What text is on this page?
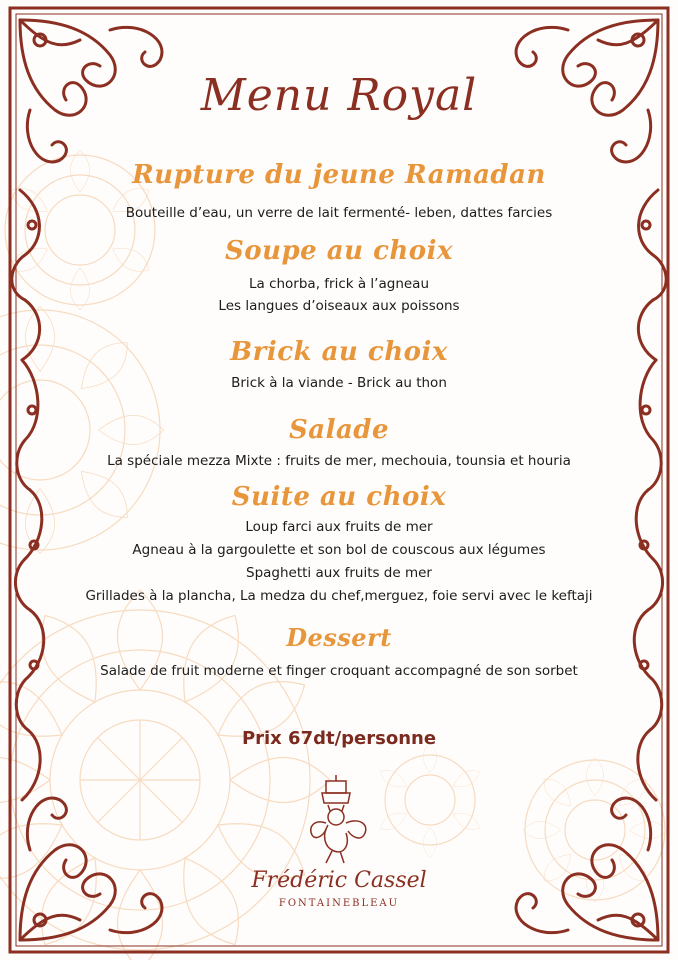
Menu Royal
Rupture du jeune Ramadan
Bouteille d’eau, un verre de lait fermenté- leben, dattes farcies
Soupe au choix
La chorba, frick à l’agneau
Les langues d’oiseaux aux poissons
Brick au choix
Brick à la viande - Brick au thon
Salade
La spéciale mezza Mixte : fruits de mer, mechouia, tounsia et houria
Suite au choix
Loup farci aux fruits de mer
Agneau à la gargoulette et son bol de couscous aux légumes
Spaghetti aux fruits de mer
Grillades à la plancha, La medza du chef,merguez, foie servi avec le keftaji
Dessert
Salade de fruit moderne et finger croquant accompagné de son sorbet
Prix 67dt/personne
Frédéric Cassel
FONTAINEBLEAU
